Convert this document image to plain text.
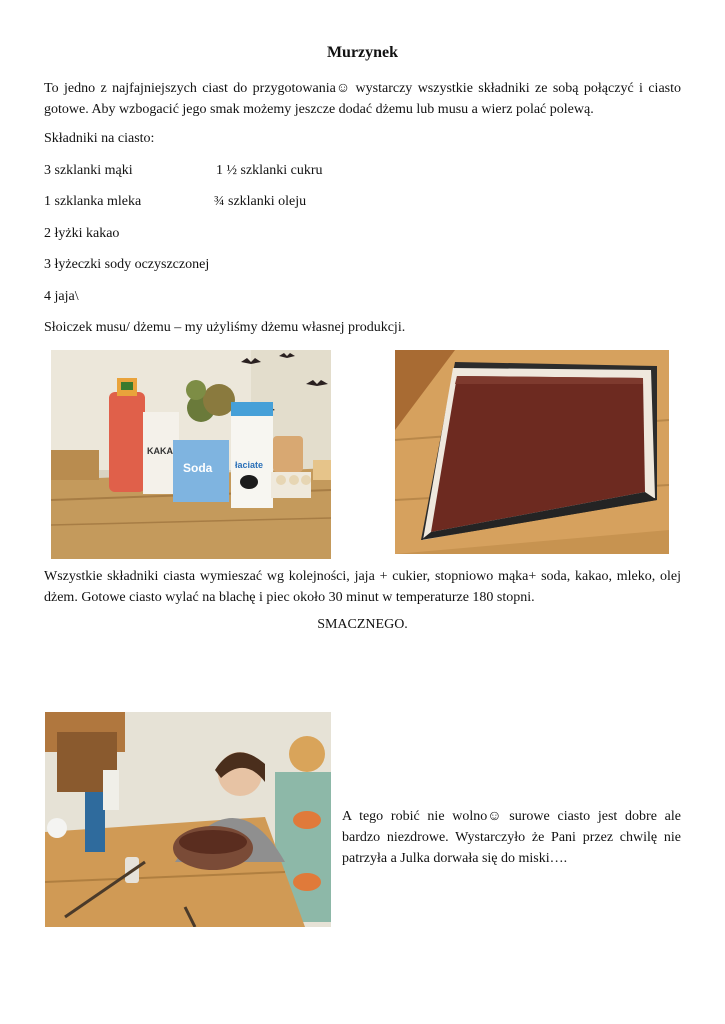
Murzynek
To jedno z najfajniejszych ciast do przygotowania☺ wystarczy wszystkie składniki ze sobą połączyć i ciasto gotowe. Aby wzbogacić jego smak możemy jeszcze dodać dżemu lub musu a wierz polać polewą.
Składniki na ciasto:
3 szklanki mąki	1 ½ szklanki cukru
1 szklanka mleka	¾ szklanki oleju
2 łyżki kakao
3 łyżeczki sody oczyszczonej
4 jaja\
Słoiczek musu/ dżemu – my użyliśmy dżemu własnej produkcji.
KAKA
Soda	łaciate
Wszystkie składniki ciasta wymieszać wg kolejności, jaja + cukier, stopniowo mąka+ soda, kakao, mleko, olej dżem. Gotowe ciasto wylać na blachę i piec około 30 minut w temperaturze 180 stopni.
SMACZNEGO.
A tego robić nie wolno☺ surowe ciasto jest dobre ale bardzo niezdrowe. Wystarczyło że Pani przez chwilę nie patrzyła a Julka dorwała się do miski….
